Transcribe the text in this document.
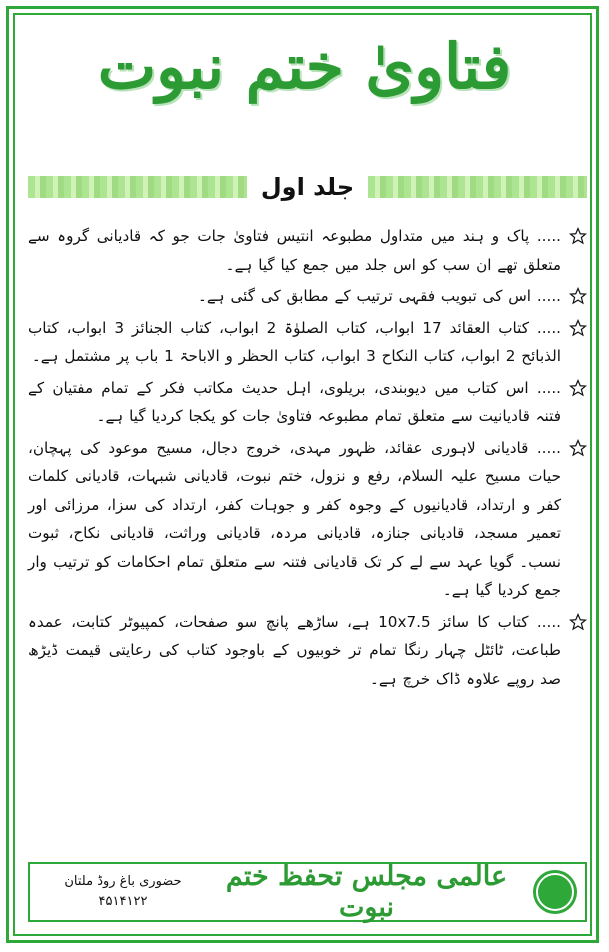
فتاویٰ ختم نبوت
جلد اول
..... پاک و ہند میں متداول مطبوعہ انتیس فتاویٰ جات جو کہ قادیانی گروہ سے متعلق تھے ان سب کو اس جلد میں جمع کیا گیا ہے۔
..... اس کی تبویب فقہی ترتیب کے مطابق کی گئی ہے۔
..... کتاب العقائد 17 ابواب، کتاب الصلوٰۃ 2 ابواب، کتاب الجنائز 3 ابواب، کتاب الذبائح 2 ابواب، کتاب النکاح 3 ابواب، کتاب الحظر و الاباحۃ 1 باب پر مشتمل ہے۔
..... اس کتاب میں دیوبندی، بریلوی، اہل حدیث مکاتب فکر کے تمام مفتیان کے فتنہ قادیانیت سے متعلق تمام مطبوعہ فتاویٰ جات کو یکجا کردیا گیا ہے۔
..... قادیانی لاہوری عقائد، ظہور مہدی، خروج دجال، مسیح موعود کی پہچان، حیات مسیح علیہ السلام، رفع و نزول، ختم نبوت، قادیانی شبہات، قادیانی کلمات کفر و ارتداد، قادیانیوں کے وجوہ کفر و جوہات کفر، ارتداد کی سزا، مرزائی اور تعمیر مسجد، قادیانی جنازہ، قادیانی مردہ، قادیانی وراثت، قادیانی نکاح، ثبوت نسب۔ گویا عہد سے لے کر تک قادیانی فتنہ سے متعلق تمام احکامات کو ترتیب وار جمع کردیا گیا ہے۔
..... کتاب کا سائز 10x7.5 ہے، ساڑھے پانچ سو صفحات، کمپیوٹر کتابت، عمدہ طباعت، ٹائٹل چہار رنگا تمام تر خوبیوں کے باوجود کتاب کی رعایتی قیمت ڈیڑھ صد روپے علاوہ ڈاک خرچ ہے۔
عالمی مجلس تحفظ ختم نبوت
حضوری باغ روڈ ملتان
۴۵۱۴۱۲۲
